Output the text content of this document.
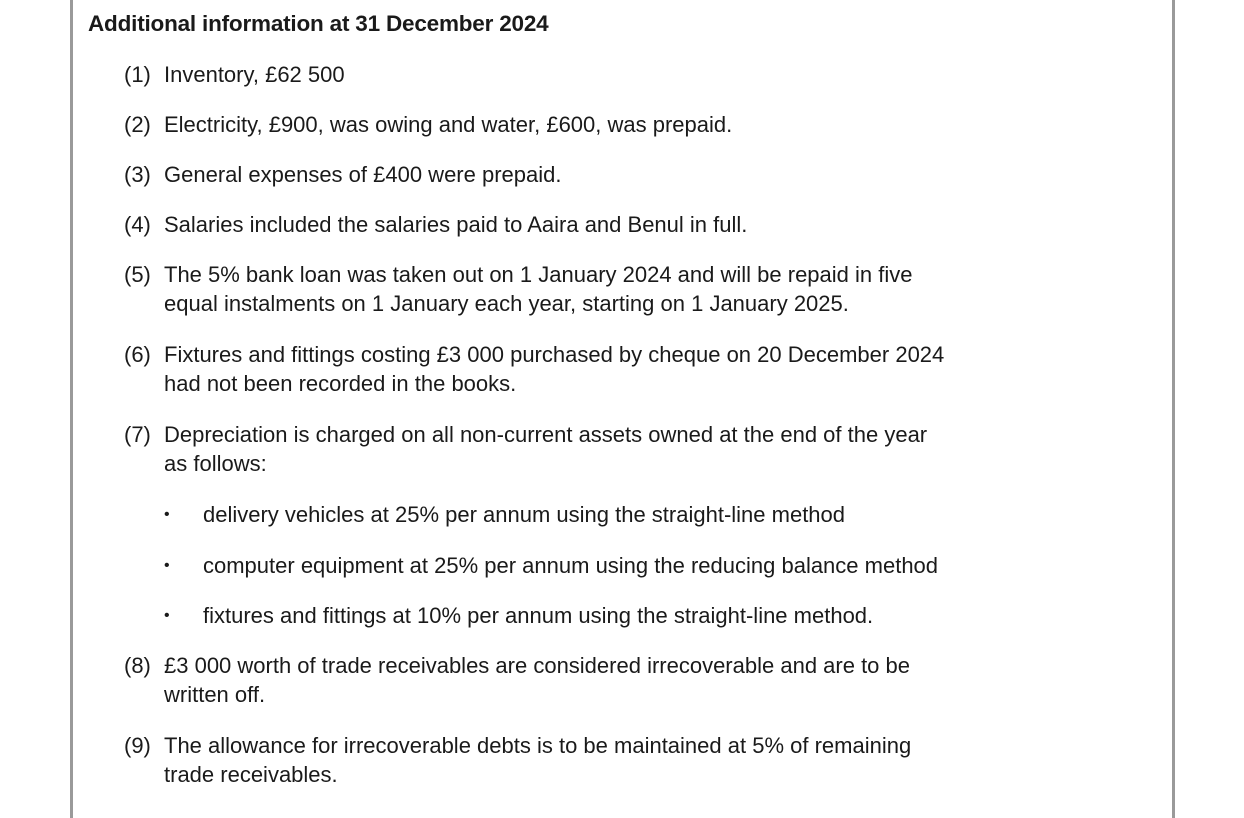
Additional information at 31 December 2024
(1) Inventory, £62 500
(2) Electricity, £900, was owing and water, £600, was prepaid.
(3) General expenses of £400 were prepaid.
(4) Salaries included the salaries paid to Aaira and Benul in full.
(5) The 5% bank loan was taken out on 1 January 2024 and will be repaid in five
equal instalments on 1 January each year, starting on 1 January 2025.
(6) Fixtures and fittings costing £3 000 purchased by cheque on 20 December 2024
had not been recorded in the books.
(7) Depreciation is charged on all non-current assets owned at the end of the year
as follows:
• delivery vehicles at 25% per annum using the straight-line method
• computer equipment at 25% per annum using the reducing balance method
• fixtures and fittings at 10% per annum using the straight-line method.
(8) £3 000 worth of trade receivables are considered irrecoverable and are to be
written off.
(9) The allowance for irrecoverable debts is to be maintained at 5% of remaining
trade receivables.
